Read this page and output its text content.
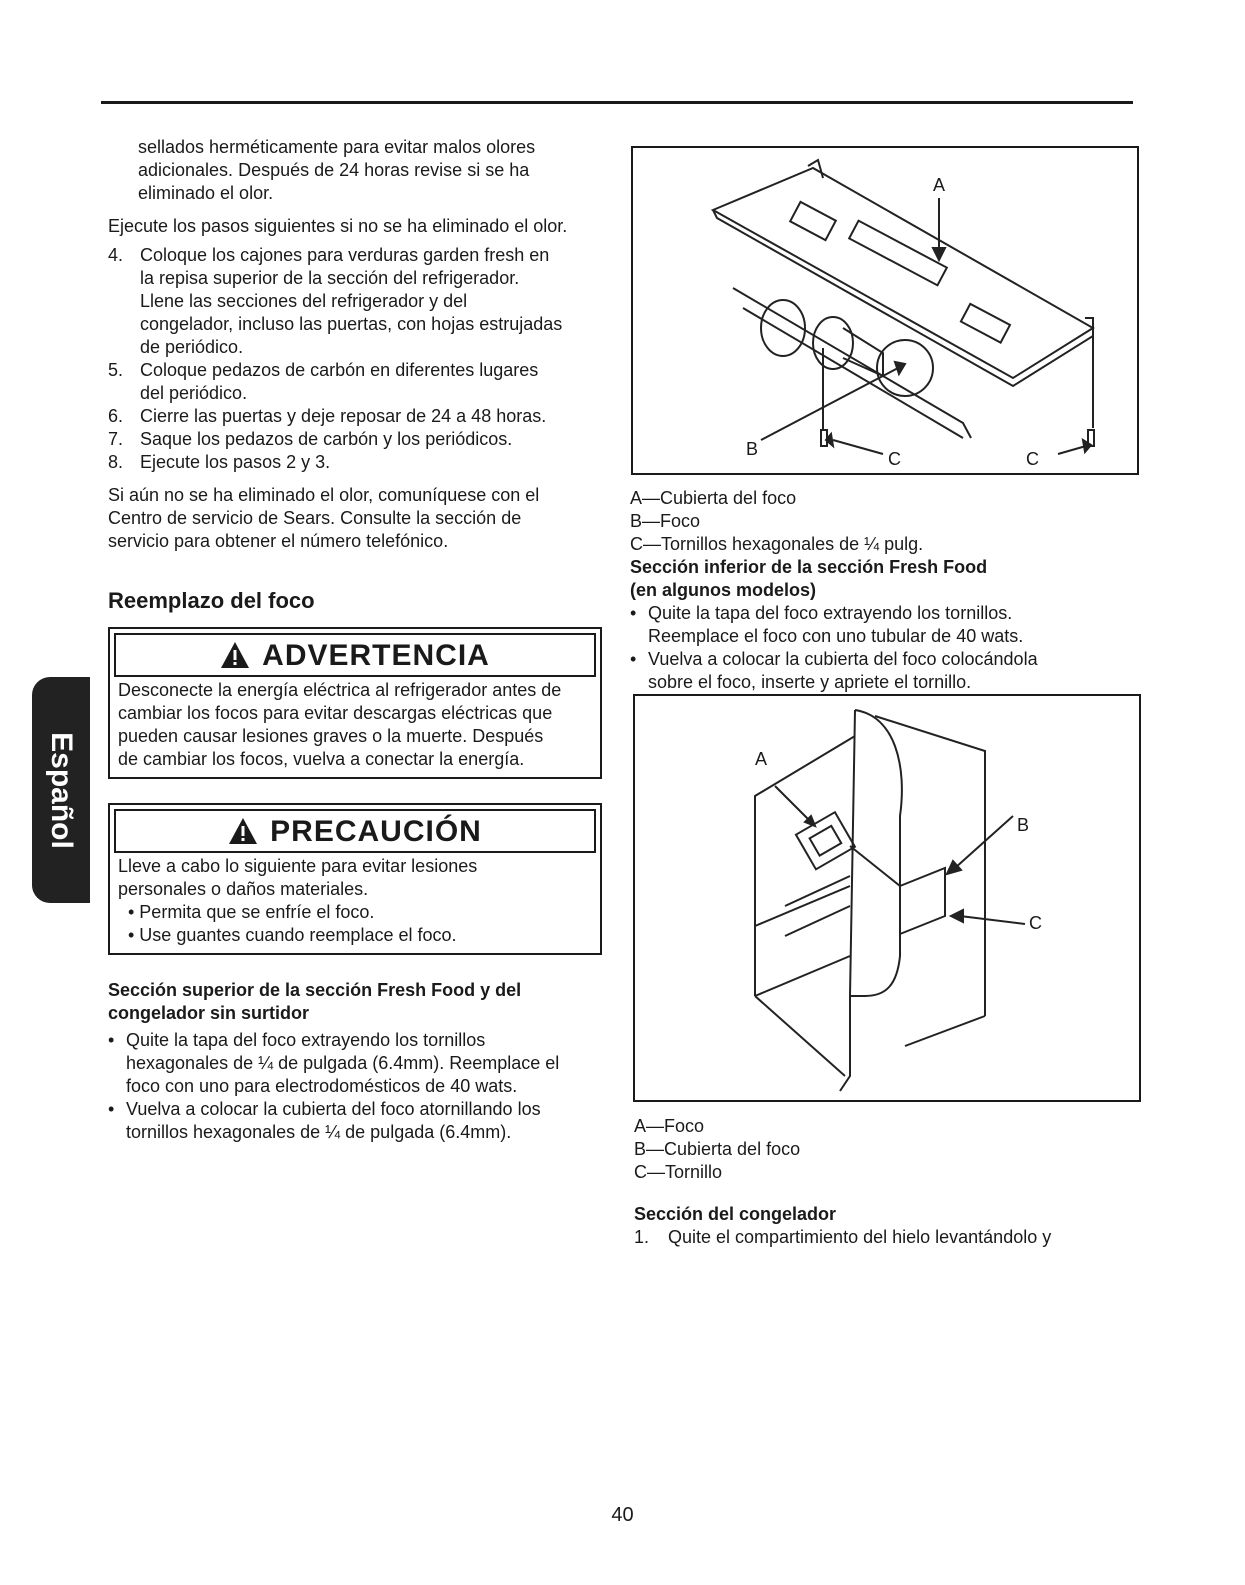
sellados herméticamente para evitar malos olores

adicionales. Después de 24 horas revise si se ha

eliminado el olor.

Ejecute los pasos siguientes si no se ha eliminado el olor.

4. Coloque los cajones para verduras garden fresh en

la repisa superior de la sección del refrigerador.

Llene las secciones del refrigerador y del

congelador, incluso las puertas, con hojas estrujadas

de periódico.

5. Coloque pedazos de carbón en diferentes lugares

del periódico.

6. Cierre las puertas y deje reposar de 24 a 48 horas.

7. Saque los pedazos de carbón y los periódicos.

8. Ejecute los pasos 2 y 3.

Si aún no se ha eliminado el olor, comuníquese con el

Centro de servicio de Sears. Consulte la sección de

servicio para obtener el número telefónico.

Reemplazo del foco
ADVERTENCIA

Desconecte la energía eléctrica al refrigerador antes de

cambiar los focos para evitar descargas eléctricas que

pueden causar lesiones graves o la muerte. Después

de cambiar los focos, vuelva a conectar la energía.

PRECAUCIÓN

Lleve a cabo lo siguiente para evitar lesiones

personales o daños materiales.

• Permita que se enfríe el foco.

• Use guantes cuando reemplace el foco.

Sección superior de la sección Fresh Food y del
congelador sin surtidor
• Quite la tapa del foco extrayendo los tornillos

hexagonales de ¼ de pulgada (6.4mm). Reemplace el

foco con uno para electrodomésticos de 40 wats.

• Vuelva a colocar la cubierta del foco atornillando los

tornillos hexagonales de ¼ de pulgada (6.4mm).

A
B	C	C

A—Cubierta del foco

B—Foco

C—Tornillos hexagonales de ¼ pulg.

Sección inferior de la sección Fresh Food
(en algunos modelos)
• Quite la tapa del foco extrayendo los tornillos.

Reemplace el foco con uno tubular de 40 wats.

• Vuelva a colocar la cubierta del foco colocándola

sobre el foco, inserte y apriete el tornillo.

A
B
C

A—Foco

B—Cubierta del foco

C—Tornillo

Sección del congelador
1.	Quite el compartimiento del hielo levantándolo y
Español
40
